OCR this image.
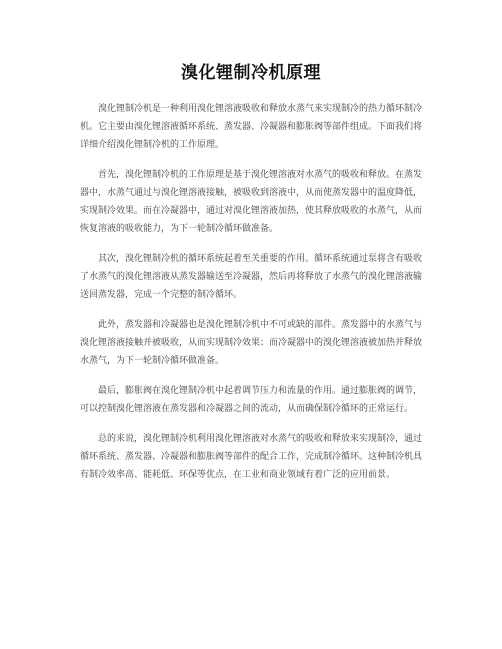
溴化锂制冷机原理

溴化锂制冷机是一种利用溴化锂溶液吸收和释放水蒸气来实现制冷的热力循环制冷机。它主要由溴化锂溶液循环系统、蒸发器、冷凝器和膨胀阀等部件组成。下面我们将详细介绍溴化锂制冷机的工作原理。

首先，溴化锂制冷机的工作原理是基于溴化锂溶液对水蒸气的吸收和释放。在蒸发器中，水蒸气通过与溴化锂溶液接触，被吸收到溶液中，从而使蒸发器中的温度降低，实现制冷效果。而在冷凝器中，通过对溴化锂溶液加热，使其释放吸收的水蒸气，从而恢复溶液的吸收能力，为下一轮制冷循环做准备。

其次，溴化锂制冷机的循环系统起着至关重要的作用。循环系统通过泵将含有吸收了水蒸气的溴化锂溶液从蒸发器输送至冷凝器，然后再将释放了水蒸气的溴化锂溶液输送回蒸发器，完成一个完整的制冷循环。

此外，蒸发器和冷凝器也是溴化锂制冷机中不可或缺的部件。蒸发器中的水蒸气与溴化锂溶液接触并被吸收，从而实现制冷效果；而冷凝器中的溴化锂溶液被加热并释放水蒸气，为下一轮制冷循环做准备。

最后，膨胀阀在溴化锂制冷机中起着调节压力和流量的作用。通过膨胀阀的调节，可以控制溴化锂溶液在蒸发器和冷凝器之间的流动，从而确保制冷循环的正常运行。

总的来说，溴化锂制冷机利用溴化锂溶液对水蒸气的吸收和释放来实现制冷，通过循环系统、蒸发器、冷凝器和膨胀阀等部件的配合工作，完成制冷循环。这种制冷机具有制冷效率高、能耗低、环保等优点，在工业和商业领域有着广泛的应用前景。
